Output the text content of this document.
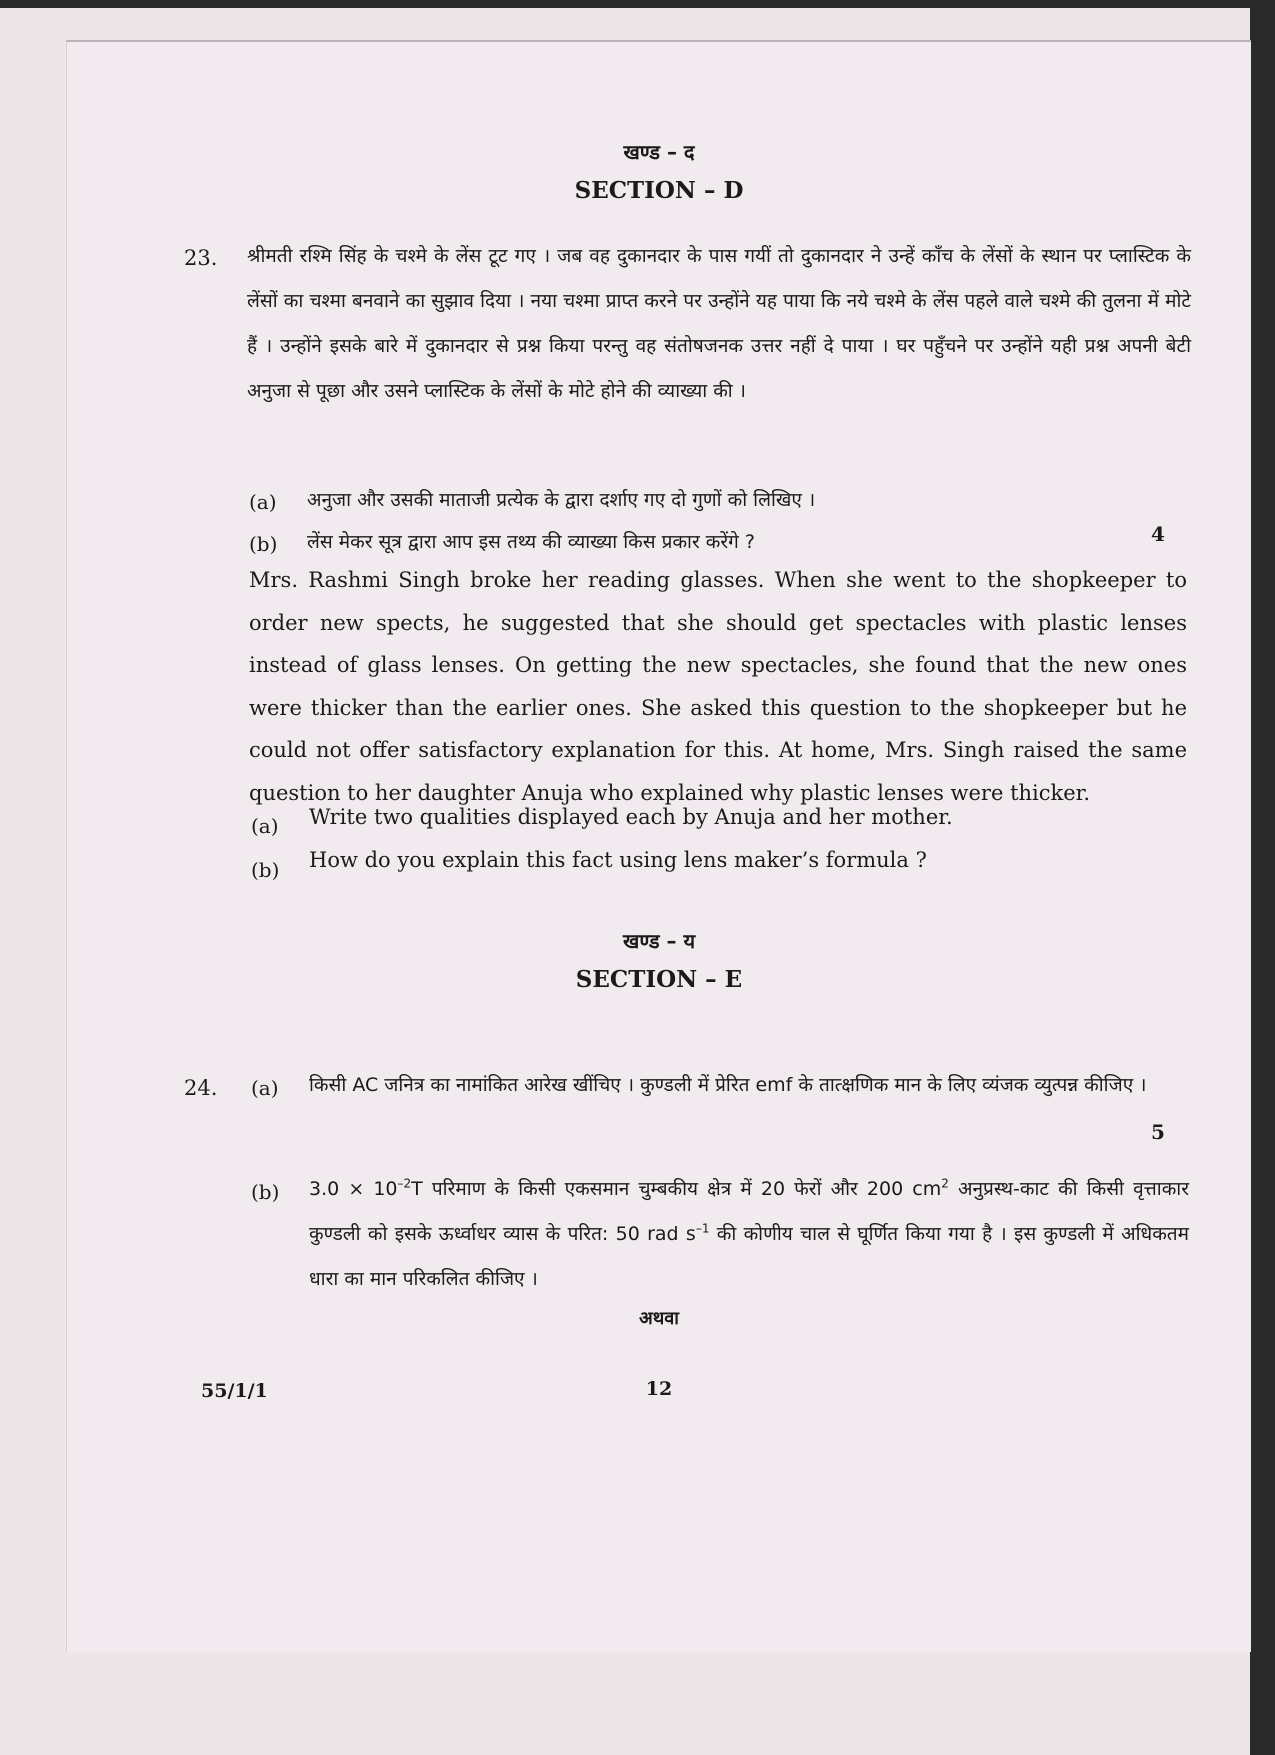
खण्ड – द
SECTION – D
23. श्रीमती रश्मि सिंह के चश्मे के लेंस टूट गए । जब वह दुकानदार के पास गयीं तो दुकानदार ने उन्हें काँच के लेंसों के स्थान पर प्लास्टिक के लेंसों का चश्मा बनवाने का सुझाव दिया । नया चश्मा प्राप्त करने पर उन्होंने यह पाया कि नये चश्मे के लेंस पहले वाले चश्मे की तुलना में मोटे हैं । उन्होंने इसके बारे में दुकानदार से प्रश्न किया परन्तु वह संतोषजनक उत्तर नहीं दे पाया । घर पहुँचने पर उन्होंने यही प्रश्न अपनी बेटी अनुजा से पूछा और उसने प्लास्टिक के लेंसों के मोटे होने की व्याख्या की ।
(a) अनुजा और उसकी माताजी प्रत्येक के द्वारा दर्शाए गए दो गुणों को लिखिए ।
(b) लेंस मेकर सूत्र द्वारा आप इस तथ्य की व्याख्या किस प्रकार करेंगे ?	4
Mrs. Rashmi Singh broke her reading glasses. When she went to the shopkeeper to order new spects, he suggested that she should get spectacles with plastic lenses instead of glass lenses. On getting the new spectacles, she found that the new ones were thicker than the earlier ones. She asked this question to the shopkeeper but he could not offer satisfactory explanation for this. At home, Mrs. Singh raised the same question to her daughter Anuja who explained why plastic lenses were thicker.
(a) Write two qualities displayed each by Anuja and her mother.
(b) How do you explain this fact using lens maker’s formula ?
खण्ड – य
SECTION – E
24. (a) किसी AC जनित्र का नामांकित आरेख खींचिए । कुण्डली में प्रेरित emf के तात्क्षणिक मान के लिए व्यंजक व्युत्पन्न कीजिए ।
5
(b) $3.0 \times 10^{-2}T$ परिमाण के किसी एकसमान चुम्बकीय क्षेत्र में 20 फेरों और 200 $cm^2$ अनुप्रस्थ-काट की किसी वृत्ताकार कुण्डली को इसके ऊर्ध्वाधर व्यास के परित: 50 rad $s^{-1}$ की कोणीय चाल से घूर्णित किया गया है । इस कुण्डली में अधिकतम धारा का मान परिकलित कीजिए ।
अथवा
55/1/1	12
